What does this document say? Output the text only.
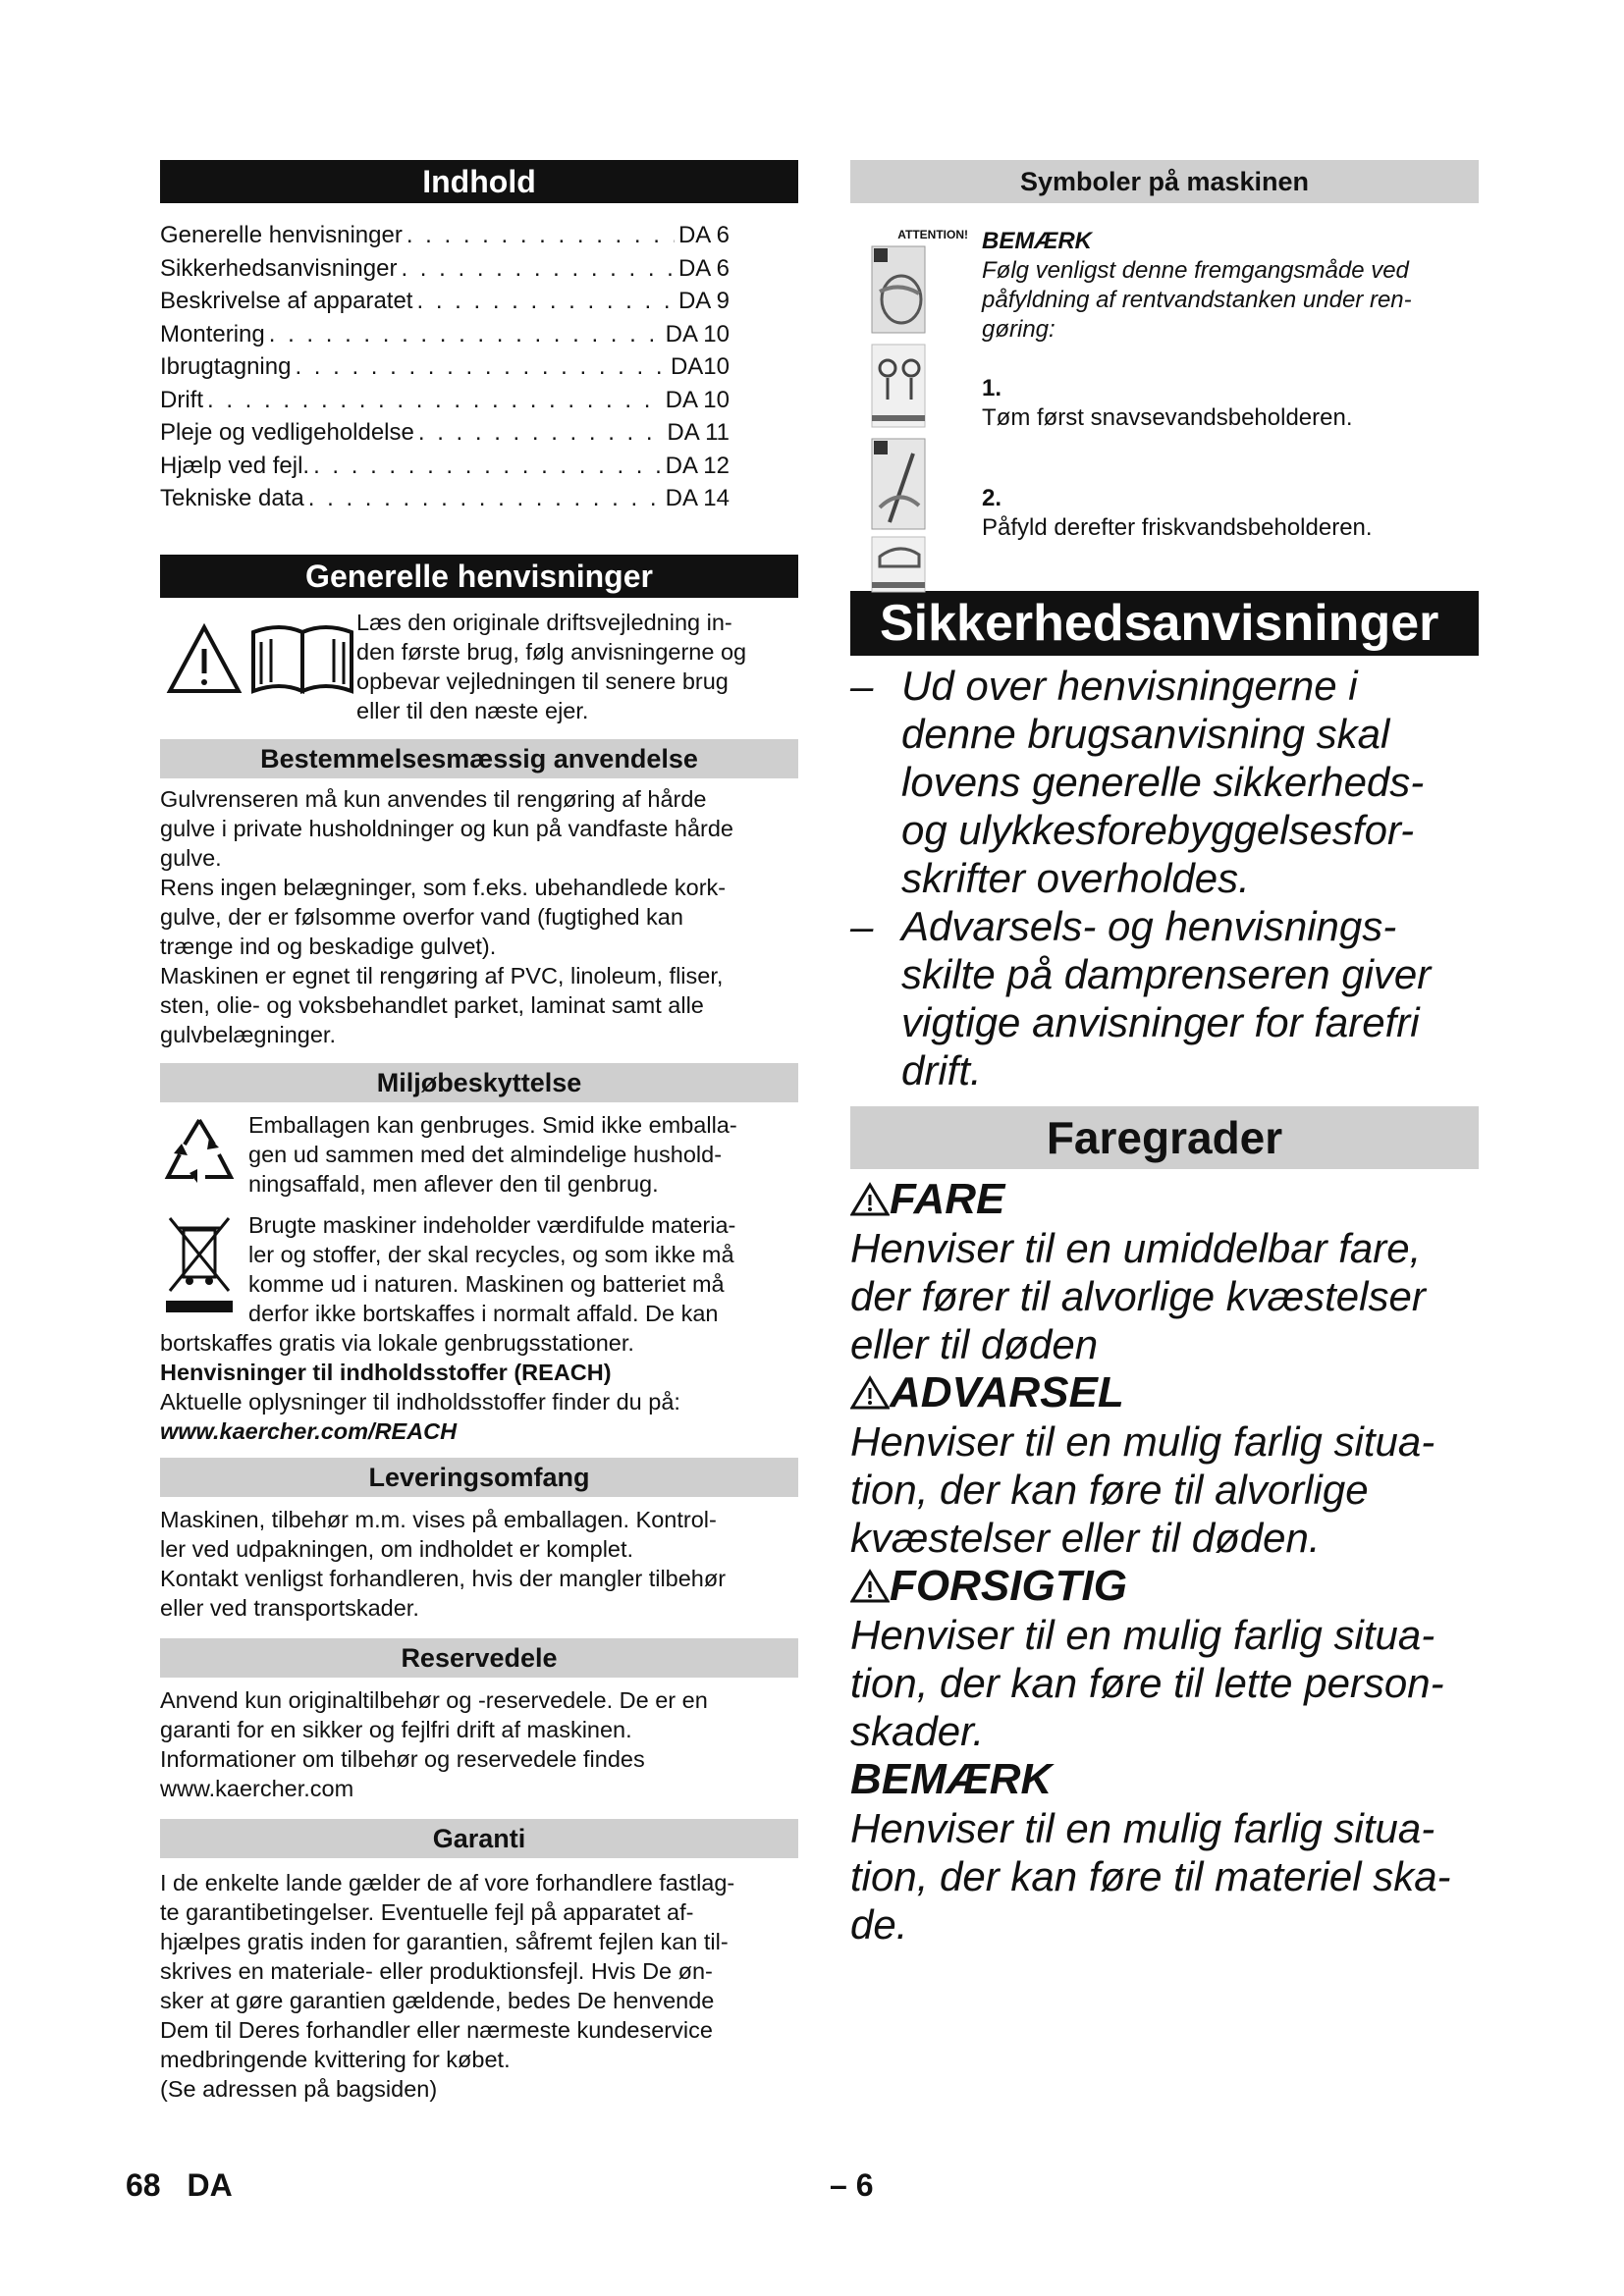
Indhold
Generelle henvisninger . . .	DA 6
Sikkerhedsanvisninger . . .	DA 6
Beskrivelse af apparatet . . .	DA 9
Montering . . .	DA 10
Ibrugtagning . . .	DA10
Drift . . .	DA 10
Pleje og vedligeholdelse . . .	DA 11
Hjælp ved fejl. . . .	DA 12
Tekniske data . . .	DA 14
Generelle henvisninger

Læs den originale driftsvejledning in-

den første brug, følg anvisningerne og

opbevar vejledningen til senere brug

eller til den næste ejer.

Bestemmelsesmæssig anvendelse

Gulvrenseren må kun anvendes til rengøring af hårde

gulve i private husholdninger og kun på vandfaste hårde

gulve.

Rens ingen belægninger, som f.eks. ubehandlede kork-

gulve, der er følsomme overfor vand (fugtighed kan

trænge ind og beskadige gulvet).

Maskinen er egnet til rengøring af PVC, linoleum, fliser,

sten, olie- og voksbehandlet parket, laminat samt alle

gulvbelægninger.

Miljøbeskyttelse

Emballagen kan genbruges. Smid ikke emballa-

gen ud sammen med det almindelige hushold-

ningsaffald, men aflever den til genbrug.

Brugte maskiner indeholder værdifulde materia-

ler og stoffer, der skal recycles, og som ikke må

komme ud i naturen. Maskinen og batteriet må

derfor ikke bortskaffes i normalt affald. De kan

bortskaffes gratis via lokale genbrugsstationer.

Henvisninger til indholdsstoffer (REACH)

Aktuelle oplysninger til indholdsstoffer finder du på:

www.kaercher.com/REACH

Leveringsomfang

Maskinen, tilbehør m.m. vises på emballagen. Kontrol-

ler ved udpakningen, om indholdet er komplet.

Kontakt venligst forhandleren, hvis der mangler tilbehør

eller ved transportskader.

Reservedele

Anvend kun originaltilbehør og -reservedele. De er en

garanti for en sikker og fejlfri drift af maskinen.

Informationer om tilbehør og reservedele findes

www.kaercher.com

Garanti

I de enkelte lande gælder de af vore forhandlere fastlag-

te garantibetingelser. Eventuelle fejl på apparatet af-

hjælpes gratis inden for garantien, såfremt fejlen kan til-

skrives en materiale- eller produktionsfejl. Hvis De øn-

sker at gøre garantien gældende, bedes De henvende

Dem til Deres forhandler eller nærmeste kundeservice

medbringende kvittering for købet.

(Se adressen på bagsiden)

Symboler på maskinen
ATTENTION! BEMÆRK
Følg venligst denne fremgangsmåde ved
påfyldning af rentvandstanken under ren-
gøring:
1.
Tøm først snavsevandsbeholderen.
2.
Påfyld derefter friskvandsbeholderen.
Sikkerhedsanvisninger
– Ud over henvisningerne i
denne brugsanvisning skal
lovens generelle sikkerheds-
og ulykkesforebyggelsesfor-
skrifter overholdes.
– Advarsels- og henvisnings-
skilte på damprenseren giver
vigtige anvisninger for farefri
drift.
Faregrader
FARE
Henviser til en umiddelbar fare,
der fører til alvorlige kvæstelser
eller til døden
ADVARSEL
Henviser til en mulig farlig situa-
tion, der kan føre til alvorlige
kvæstelser eller til døden.
FORSIGTIG
Henviser til en mulig farlig situa-
tion, der kan føre til lette person-
skader.
BEMÆRK
Henviser til en mulig farlig situa-
tion, der kan føre til materiel ska-
de.
68 DA	– 6
